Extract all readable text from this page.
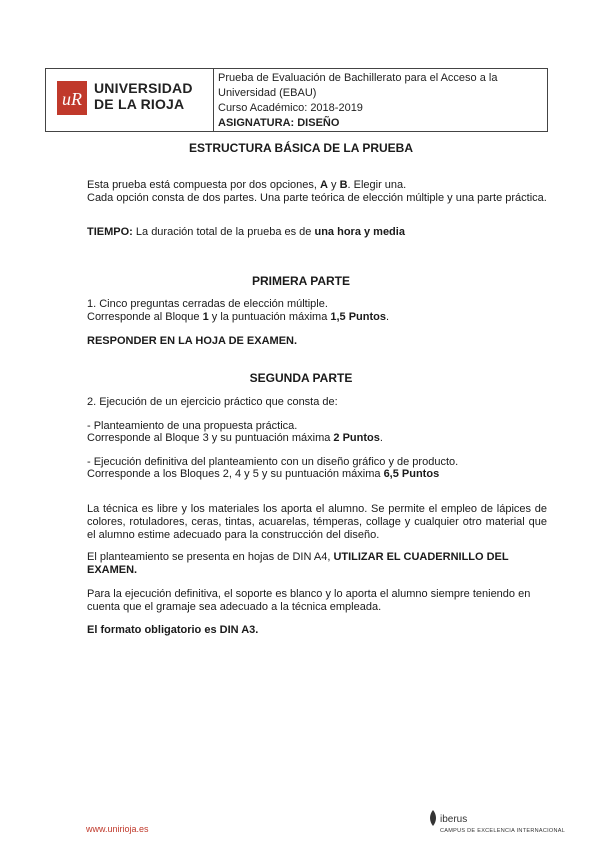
uR
UNIVERSIDAD
DE LA RIOJA
Prueba de Evaluación de Bachillerato para el Acceso a la
Universidad (EBAU)
Curso Académico: 2018-2019
ASIGNATURA: DISEÑO
ESTRUCTURA BÁSICA DE LA PRUEBA
Esta prueba está compuesta por dos opciones, A y B. Elegir una.
Cada opción consta de dos partes. Una parte teórica de elección múltiple y una parte práctica.
TIEMPO: La duración total de la prueba es de una hora y media
PRIMERA PARTE
1. Cinco preguntas cerradas de elección múltiple.
Corresponde al Bloque 1 y la puntuación máxima 1,5 Puntos.
RESPONDER EN LA HOJA DE EXAMEN.
SEGUNDA PARTE
2. Ejecución de un ejercicio práctico que consta de:
- Planteamiento de una propuesta práctica.
Corresponde al Bloque 3 y su puntuación máxima 2 Puntos.
- Ejecución definitiva del planteamiento con un diseño gráfico y de producto.
Corresponde a los Bloques 2, 4 y 5 y su puntuación máxima 6,5 Puntos
La técnica es libre y los materiales los aporta el alumno. Se permite el empleo de lápices de colores, rotuladores, ceras, tintas, acuarelas, témperas, collage y cualquier otro material que el alumno estime adecuado para la construcción del diseño.
El planteamiento se presenta en hojas de DIN A4, UTILIZAR EL CUADERNILLO DEL EXAMEN.
Para la ejecución definitiva, el soporte es blanco y lo aporta el alumno siempre teniendo en cuenta que el gramaje sea adecuado a la técnica empleada.
El formato obligatorio es DIN A3.
www.unirioja.es
iberus
CAMPUS DE EXCELENCIA INTERNACIONAL
